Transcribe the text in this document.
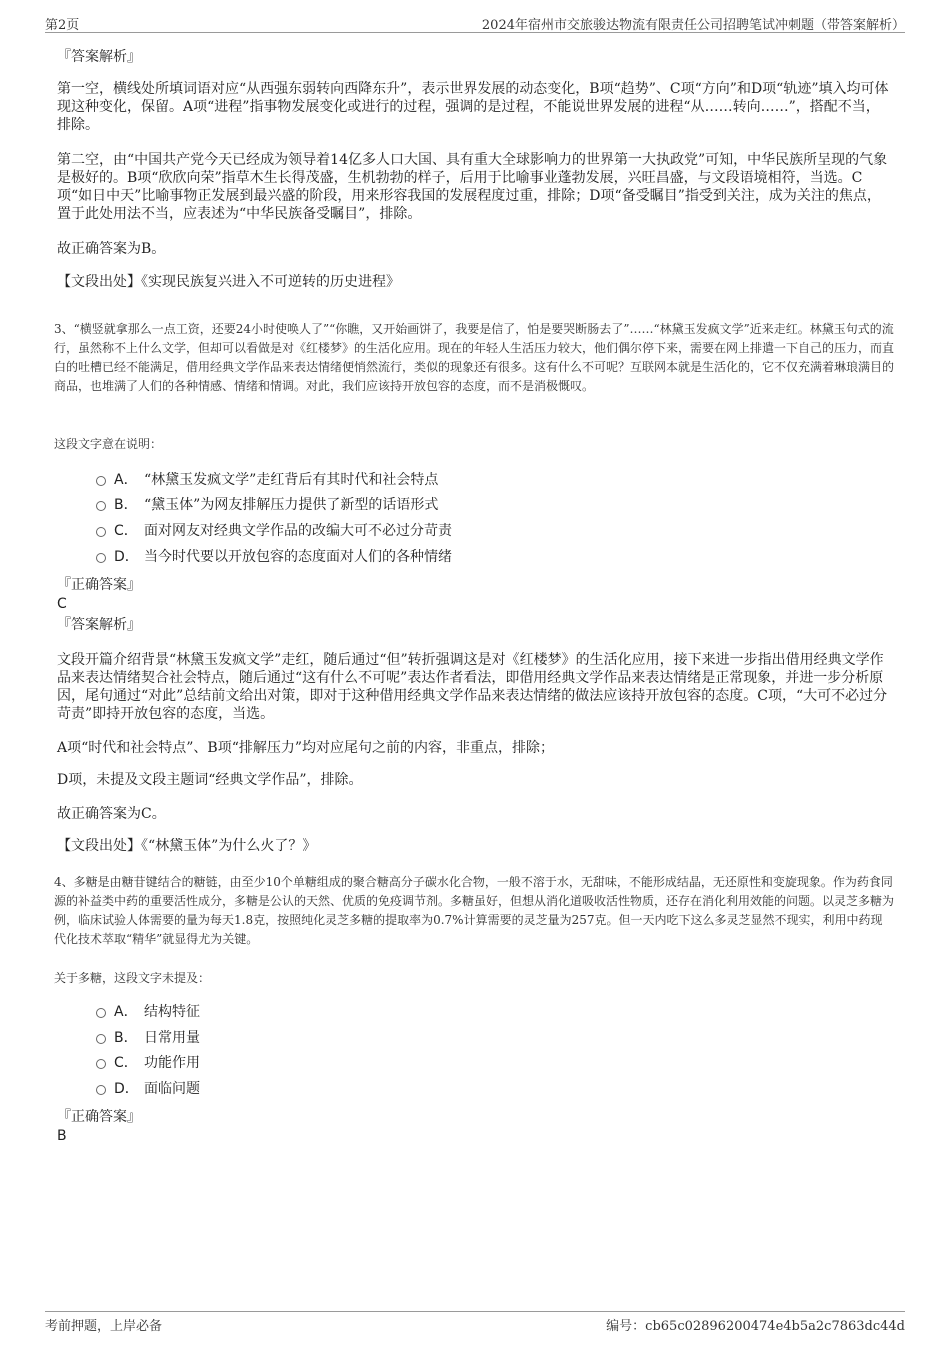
第2页	2024年宿州市交旅骏达物流有限责任公司招聘笔试冲刺题（带答案解析）
『答案解析』
第一空，横线处所填词语对应“从西强东弱转向西降东升”，表示世界发展的动态变化，B项“趋势”、C项“方向”和D项“轨迹”填入均可体现这种变化，保留。A项“进程”指事物发展变化或进行的过程，强调的是过程，不能说世界发展的进程“从……转向……”，搭配不当，排除。
第二空，由“中国共产党今天已经成为领导着14亿多人口大国、具有重大全球影响力的世界第一大执政党”可知，中华民族所呈现的气象是极好的。B项“欣欣向荣”指草木生长得茂盛，生机勃勃的样子，后用于比喻事业蓬勃发展，兴旺昌盛，与文段语境相符，当选。C项“如日中天”比喻事物正发展到最兴盛的阶段，用来形容我国的发展程度过重，排除；D项“备受瞩目”指受到关注，成为关注的焦点，置于此处用法不当，应表述为“中华民族备受瞩目”，排除。
故正确答案为B。
【文段出处】《实现民族复兴进入不可逆转的历史进程》
3、“横竖就拿那么一点工资，还要24小时使唤人了”“你瞧，又开始画饼了，我要是信了，怕是要哭断肠去了”……“林黛玉发疯文学”近来走红。林黛玉句式的流行，虽然称不上什么文学，但却可以看做是对《红楼梦》的生活化应用。现在的年轻人生活压力较大，他们偶尔停下来，需要在网上排遣一下自己的压力，而直白的吐槽已经不能满足，借用经典文学作品来表达情绪便悄然流行，类似的现象还有很多。这有什么不可呢？互联网本就是生活化的，它不仅充满着琳琅满目的商品，也堆满了人们的各种情感、情绪和情调。对此，我们应该持开放包容的态度，而不是消极慨叹。
这段文字意在说明：
A． “林黛玉发疯文学”走红背后有其时代和社会特点
B． “黛玉体”为网友排解压力提供了新型的话语形式
C． 面对网友对经典文学作品的改编大可不必过分苛责
D． 当今时代要以开放包容的态度面对人们的各种情绪
『正确答案』
C
『答案解析』
文段开篇介绍背景“林黛玉发疯文学”走红，随后通过“但”转折强调这是对《红楼梦》的生活化应用，接下来进一步指出借用经典文学作品来表达情绪契合社会特点，随后通过“这有什么不可呢”表达作者看法，即借用经典文学作品来表达情绪是正常现象，并进一步分析原因，尾句通过“对此”总结前文给出对策，即对于这种借用经典文学作品来表达情绪的做法应该持开放包容的态度。C项，“大可不必过分苛责”即持开放包容的态度，当选。
A项“时代和社会特点”、B项“排解压力”均对应尾句之前的内容，非重点，排除；
D项，未提及文段主题词“经典文学作品”，排除。
故正确答案为C。
【文段出处】《“林黛玉体”为什么火了？》
4、多糖是由糖苷键结合的糖链，由至少10个单糖组成的聚合糖高分子碳水化合物，一般不溶于水，无甜味，不能形成结晶，无还原性和变旋现象。作为药食同源的补益类中药的重要活性成分，多糖是公认的天然、优质的免疫调节剂。多糖虽好，但想从消化道吸收活性物质，还存在消化利用效能的问题。以灵芝多糖为例，临床试验人体需要的量为每天1.8克，按照纯化灵芝多糖的提取率为0.7%计算需要的灵芝量为257克。但一天内吃下这么多灵芝显然不现实，利用中药现代化技术萃取“精华”就显得尤为关键。
关于多糖，这段文字未提及：
A． 结构特征
B． 日常用量
C． 功能作用
D． 面临问题
『正确答案』
B
考前押题，上岸必备	编号：cb65c02896200474e4b5a2c7863dc44d
